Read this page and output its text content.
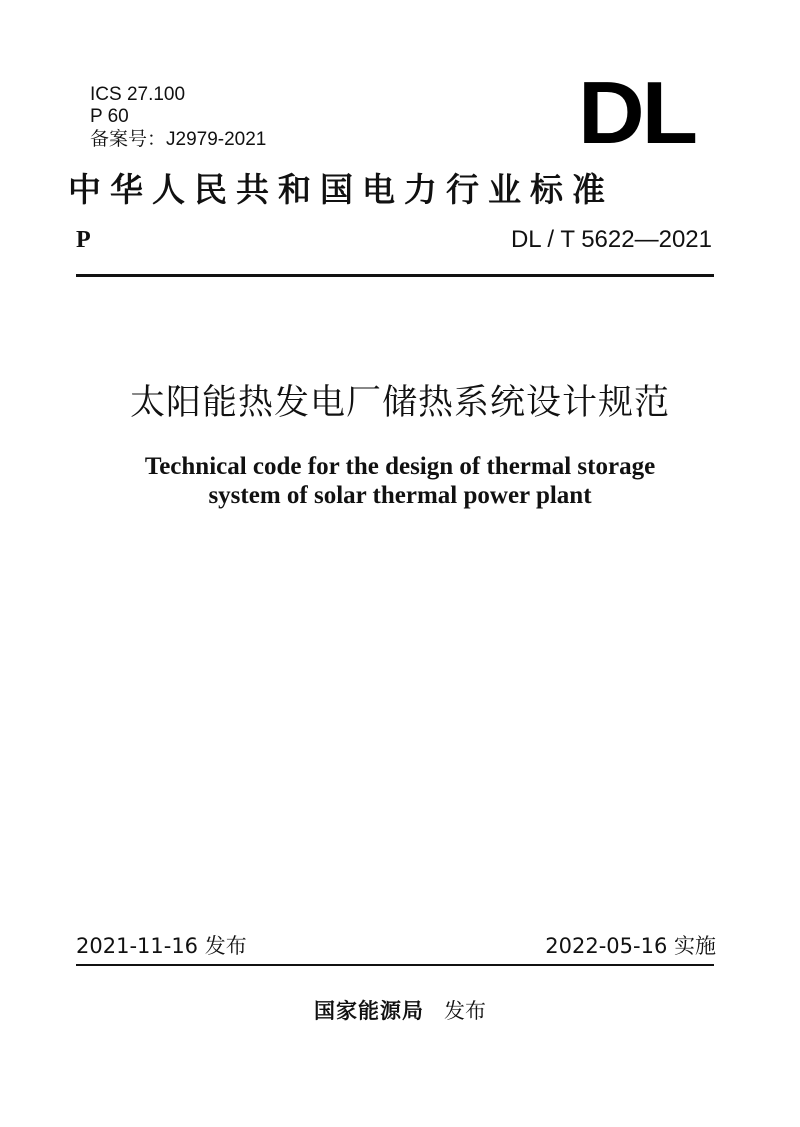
ICS 27.100
P 60
备案号：J2979-2021	DL
中华人民共和国电力行业标准
P	DL / T 5622—2021
太阳能热发电厂储热系统设计规范
Technical code for the design of thermal storage
system of solar thermal power plant
2021-11-16 发布	2022-05-16 实施
国家能源局 发布
